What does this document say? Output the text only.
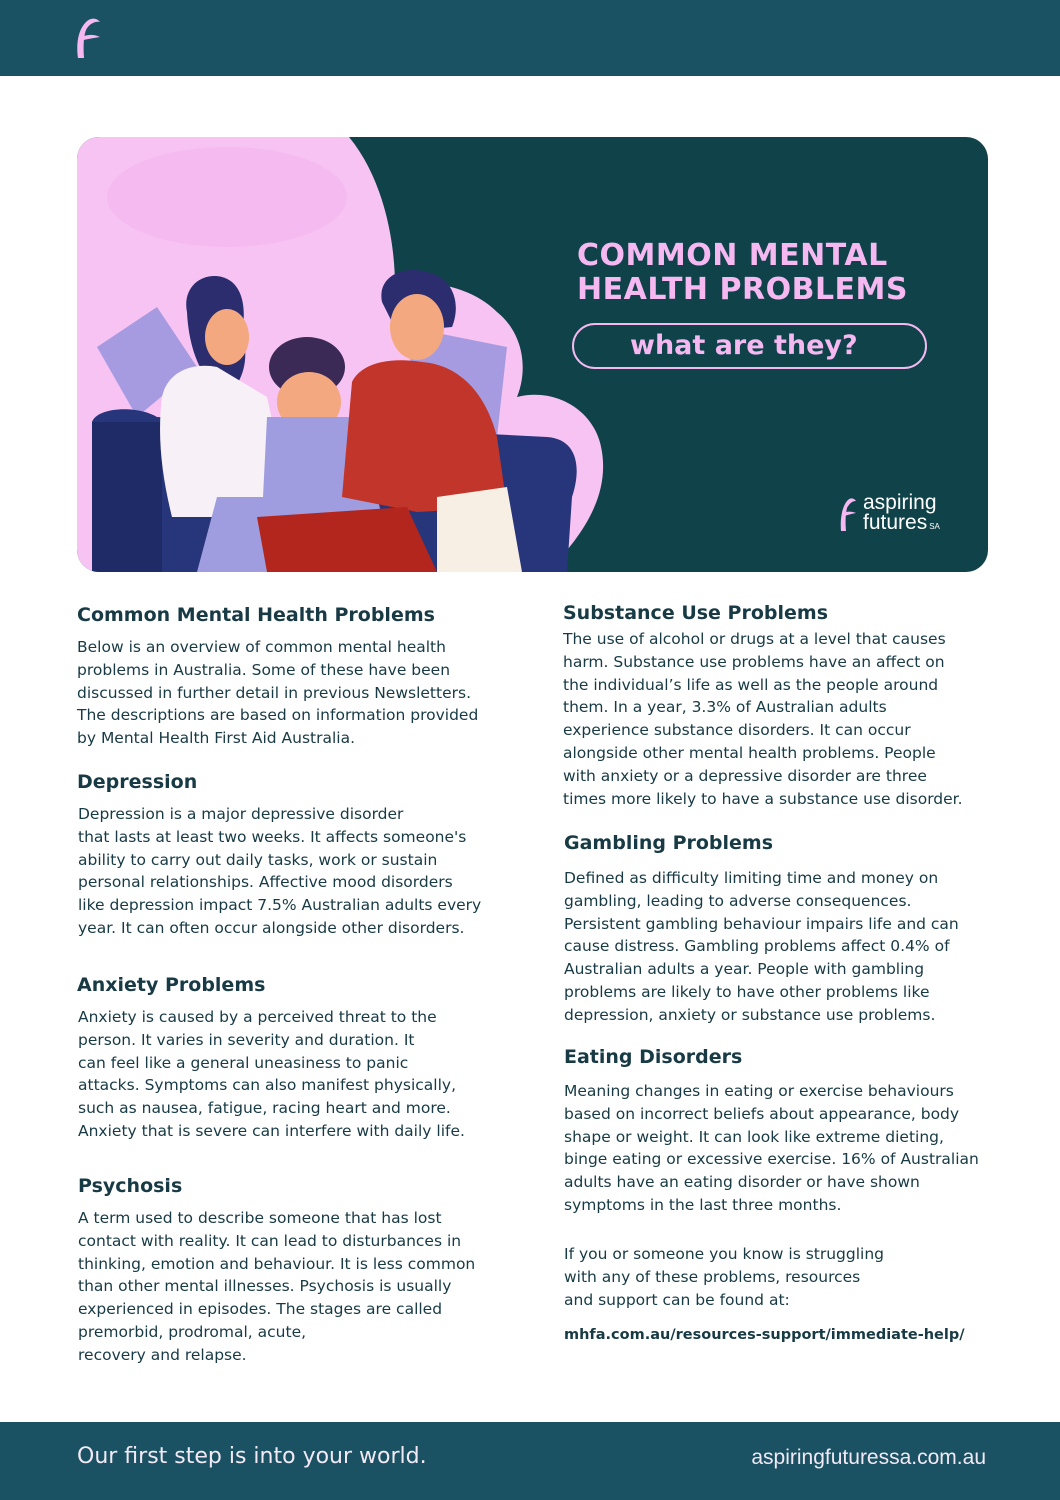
COMMON MENTAL
HEALTH PROBLEMS
what are they?
aspiring
futures SA
Common Mental Health Problems

Below is an overview of common mental health
problems in Australia. Some of these have been
discussed in further detail in previous Newsletters.
The descriptions are based on information provided
by Mental Health First Aid Australia.

Depression

Depression is a major depressive disorder
that lasts at least two weeks. It affects someone's
ability to carry out daily tasks, work or sustain
personal relationships. Affective mood disorders
like depression impact 7.5% Australian adults every
year. It can often occur alongside other disorders.

Anxiety Problems

Anxiety is caused by a perceived threat to the
person. It varies in severity and duration. It
can feel like a general uneasiness to panic
attacks. Symptoms can also manifest physically,
such as nausea, fatigue, racing heart and more.
Anxiety that is severe can interfere with daily life.

Psychosis

A term used to describe someone that has lost
contact with reality. It can lead to disturbances in
thinking, emotion and behaviour. It is less common
than other mental illnesses. Psychosis is usually
experienced in episodes. The stages are called
premorbid, prodromal, acute,
recovery and relapse.

Substance Use Problems

The use of alcohol or drugs at a level that causes
harm. Substance use problems have an affect on
the individual’s life as well as the people around
them. In a year, 3.3% of Australian adults
experience substance disorders. It can occur
alongside other mental health problems. People
with anxiety or a depressive disorder are three
times more likely to have a substance use disorder.

Gambling Problems

Defined as difficulty limiting time and money on
gambling, leading to adverse consequences.
Persistent gambling behaviour impairs life and can
cause distress. Gambling problems affect 0.4% of
Australian adults a year. People with gambling
problems are likely to have other problems like
depression, anxiety or substance use problems.

Eating Disorders

Meaning changes in eating or exercise behaviours
based on incorrect beliefs about appearance, body
shape or weight. It can look like extreme dieting,
binge eating or excessive exercise. 16% of Australian
adults have an eating disorder or have shown
symptoms in the last three months.

If you or someone you know is struggling
with any of these problems, resources
and support can be found at:

mhfa.com.au/resources-support/immediate-help/
Our first step is into your world.	aspiringfuturessa.com.au
